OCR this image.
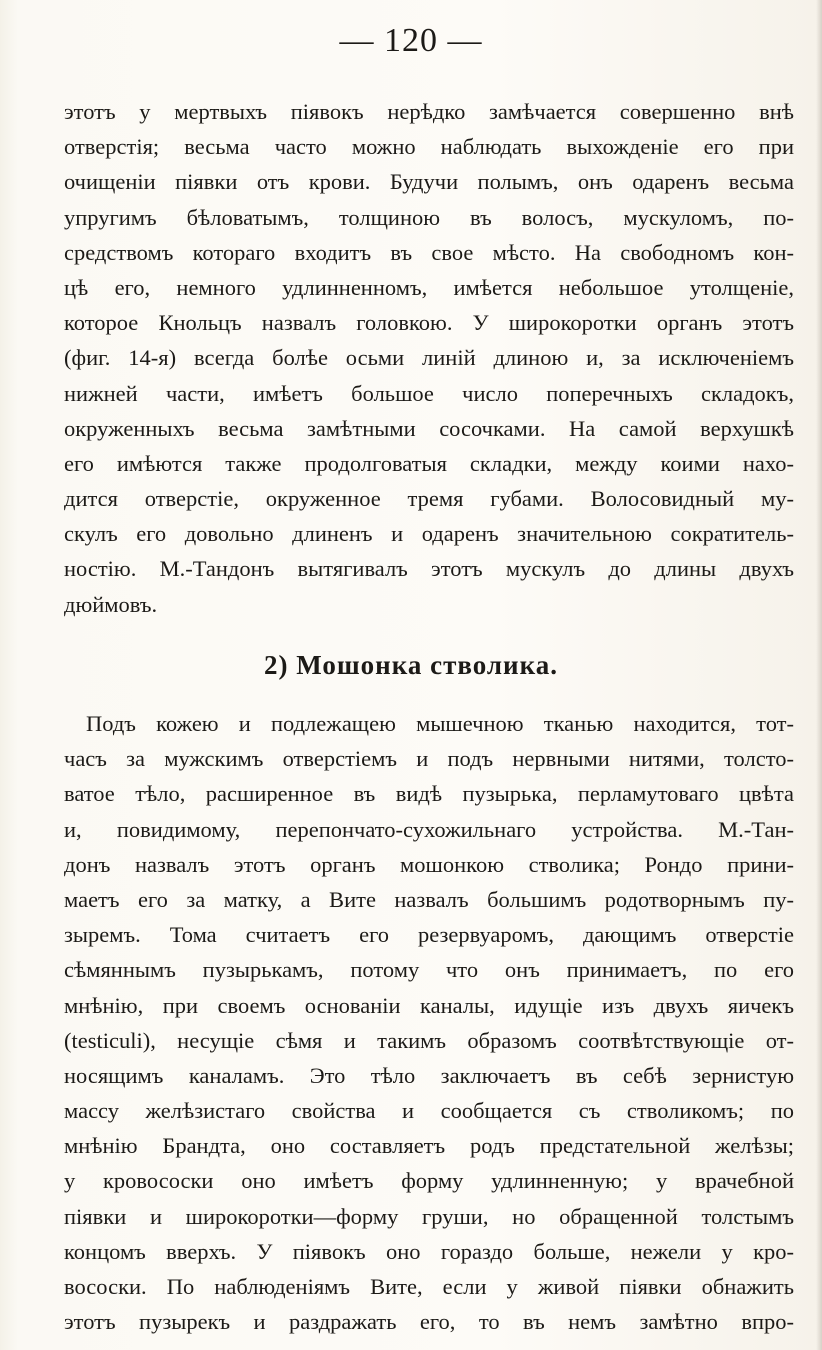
— 120 —
этотъ у мертвыхъ піявокъ нерѣдко замѣчается совершенно внѣ
отверстія; весьма часто можно наблюдать выхожденіе его при
очищеніи піявки отъ крови. Будучи полымъ, онъ одаренъ весьма
упругимъ бѣловатымъ, толщиною въ волосъ, мускуломъ, по-
средствомъ котораго входитъ въ свое мѣсто. На свободномъ кон-
цѣ его, немного удлинненномъ, имѣется небольшое утолщеніе,
которое Кнольцъ назвалъ головкою. У широкоротки органъ этотъ
(фиг. 14-я) всегда болѣе осьми линій длиною и, за исключеніемъ
нижней части, имѣетъ большое число поперечныхъ складокъ,
окруженныхъ весьма замѣтными сосочками. На самой верхушкѣ
его имѣются также продолговатыя складки, между коими нахо-
дится отверстіе, окруженное тремя губами. Волосовидный му-
скулъ его довольно длиненъ и одаренъ значительною сократитель-
ностію. М.-Тандонъ вытягивалъ этотъ мускулъ до длины двухъ
дюймовъ.
2) Мошонка стволика.
Подъ кожею и подлежащею мышечною тканью находится, тот-
часъ за мужскимъ отверстіемъ и подъ нервными нитями, толсто-
ватое тѣло, расширенное въ видѣ пузырька, перламутоваго цвѣта
и, повидимому, перепончато-сухожильнаго устройства. М.-Тан-
донъ назвалъ этотъ органъ мошонкою стволика; Рондо прини-
маетъ его за матку, а Вите назвалъ большимъ родотворнымъ пу-
зыремъ. Тома считаетъ его резервуаромъ, дающимъ отверстіе
сѣмяннымъ пузырькамъ, потому что онъ принимаетъ, по его
мнѣнію, при своемъ основаніи каналы, идущіе изъ двухъ яичекъ
(testiculi), несущіе сѣмя и такимъ образомъ соотвѣтствующіе от-
носящимъ каналамъ. Это тѣло заключаетъ въ себѣ зернистую
массу желѣзистаго свойства и сообщается съ стволикомъ; по
мнѣнію Брандта, оно составляетъ родъ предстательной желѣзы;
у кровососки оно имѣетъ форму удлинненную; у врачебной
піявки и широкоротки—форму груши, но обращенной толстымъ
концомъ вверхъ. У піявокъ оно гораздо больше, нежели у кро-
вососки. По наблюденіямъ Вите, если у живой піявки обнажить
этотъ пузырекъ и раздражать его, то въ немъ замѣтно впро-
